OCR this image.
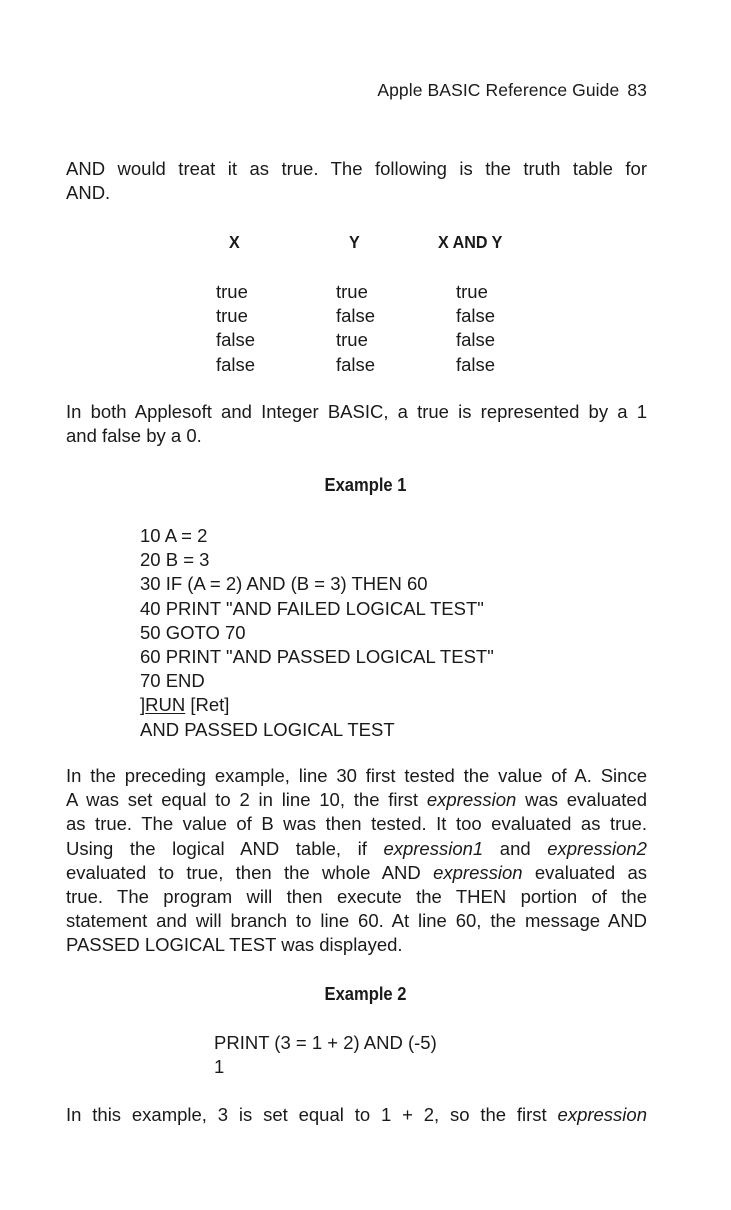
Apple BASIC Reference Guide 83

AND would treat it as true. The following is the truth table for
AND.

X	Y	X AND Y
true
true
false
false
true
false
true
false
true
false
false
false

In both Applesoft and Integer BASIC, a true is represented by a 1
and false by a 0.

Example 1
10 A = 2
20 B = 3
30 IF (A = 2) AND (B = 3) THEN 60
40 PRINT "AND FAILED LOGICAL TEST"
50 GOTO 70
60 PRINT "AND PASSED LOGICAL TEST"
70 END
]RUN [Ret]
AND PASSED LOGICAL TEST

In the preceding example, line 30 first tested the value of A. Since
A was set equal to 2 in line 10, the first expression was evaluated
as true. The value of B was then tested. It too evaluated as true.
Using the logical AND table, if expression1 and expression2
evaluated to true, then the whole AND expression evaluated as
true. The program will then execute the THEN portion of the
statement and will branch to line 60. At line 60, the message AND
PASSED LOGICAL TEST was displayed.

Example 2
PRINT (3 = 1 + 2) AND (-5)
1

In this example, 3 is set equal to 1 + 2, so the first expression
